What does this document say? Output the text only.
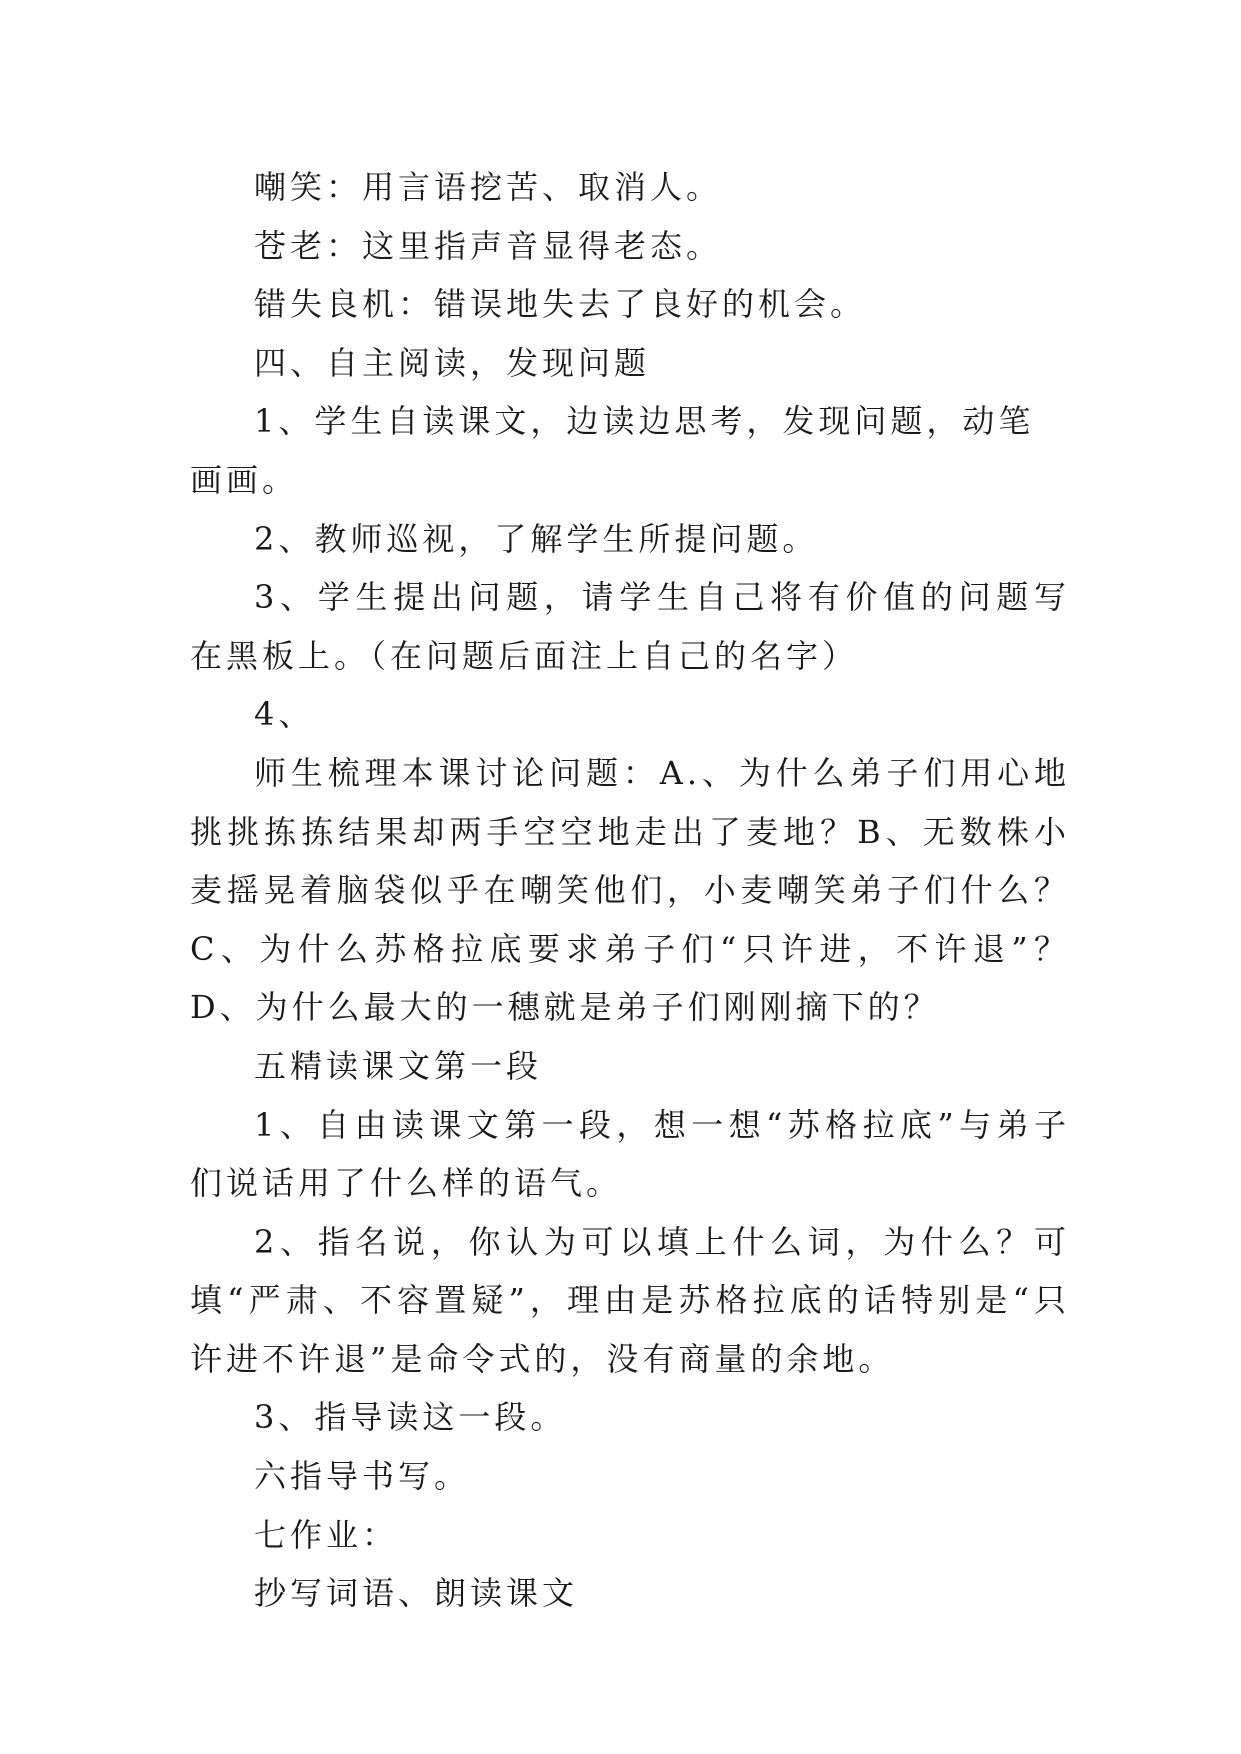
嘲笑：用言语挖苦、取消人。

苍老：这里指声音显得老态。

错失良机：错误地失去了良好的机会。

四、自主阅读，发现问题

1、学生自读课文，边读边思考，发现问题，动笔画画。

2、教师巡视，了解学生所提问题。

3、学生提出问题，请学生自己将有价值的问题写在黑板上。（在问题后面注上自己的名字）

4、

师生梳理本课讨论问题：A.、为什么弟子们用心地挑挑拣拣结果却两手空空地走出了麦地？B、无数株小麦摇晃着脑袋似乎在嘲笑他们，小麦嘲笑弟子们什么？C、为什么苏格拉底要求弟子们“只许进，不许退”？D、为什么最大的一穗就是弟子们刚刚摘下的？

五精读课文第一段

1、自由读课文第一段，想一想“苏格拉底”与弟子们说话用了什么样的语气。

2、指名说，你认为可以填上什么词，为什么？可填“严肃、不容置疑”，理由是苏格拉底的话特别是“只许进不许退”是命令式的，没有商量的余地。

3、指导读这一段。

六指导书写。

七作业：

抄写词语、朗读课文
